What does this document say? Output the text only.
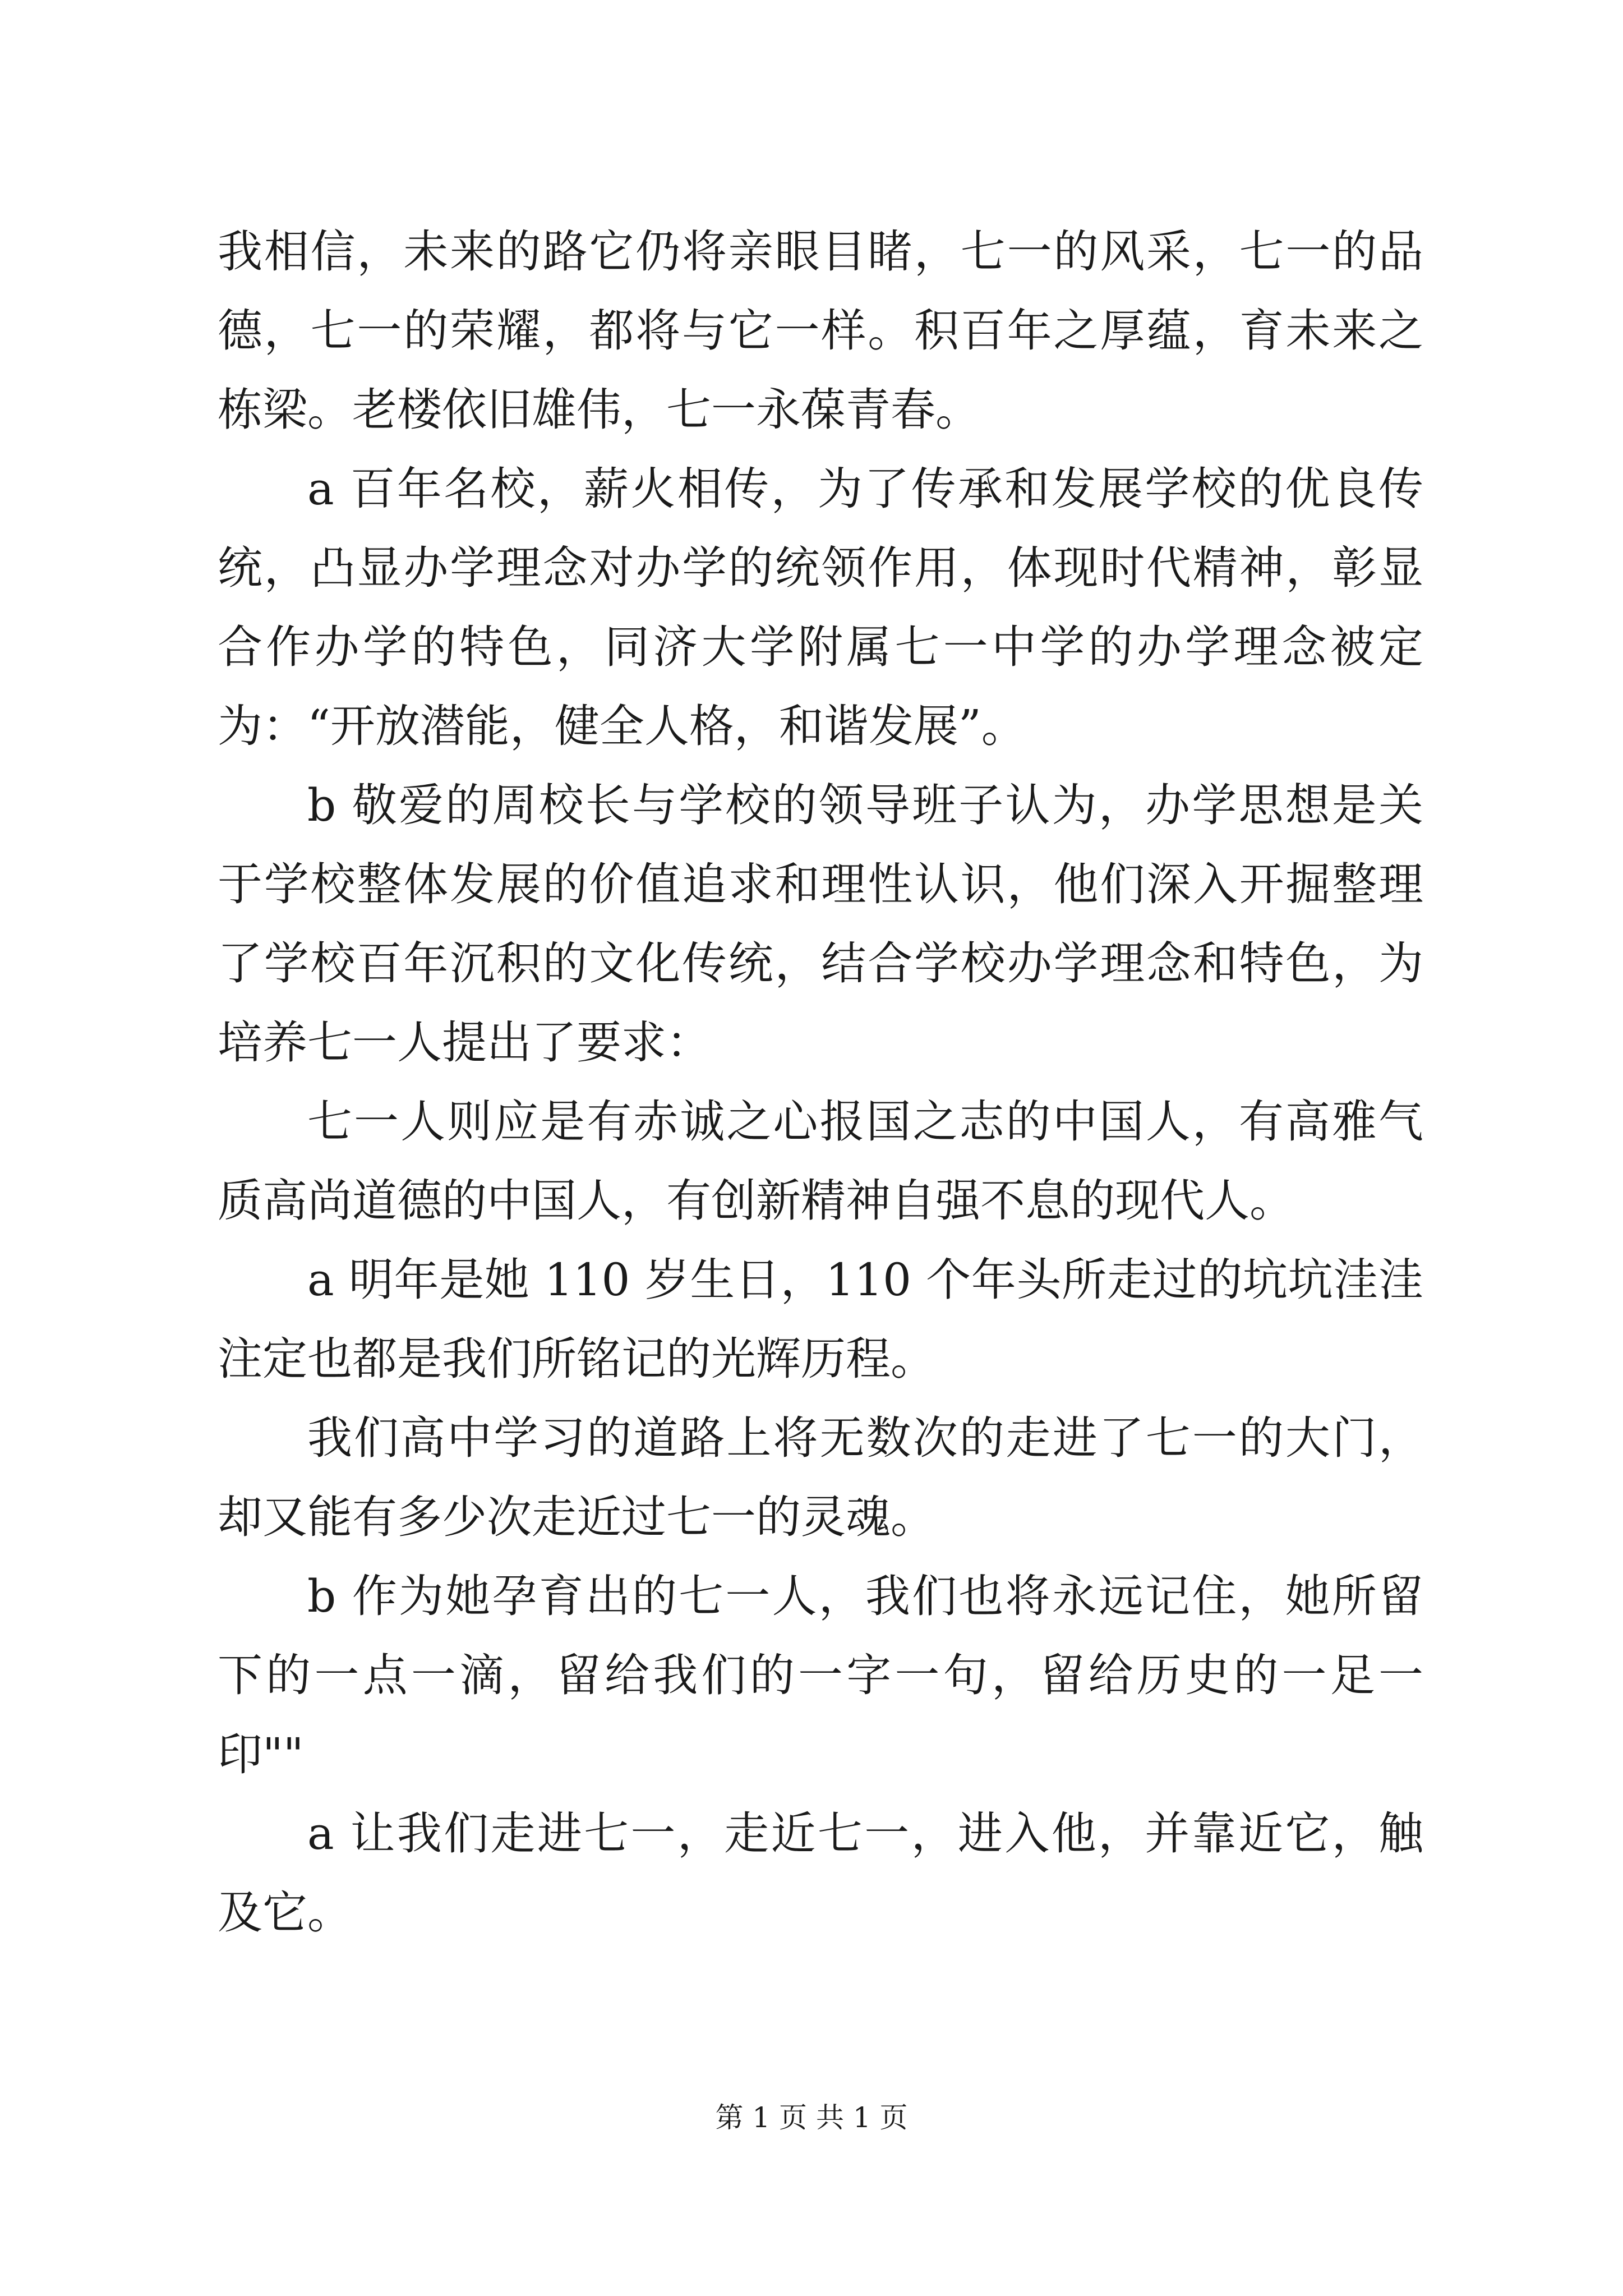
我相信，未来的路它仍将亲眼目睹，七一的风采，七一的品德，七一的荣耀，都将与它一样。积百年之厚蕴，育未来之栋梁。老楼依旧雄伟，七一永葆青春。

a 百年名校，薪火相传，为了传承和发展学校的优良传统，凸显办学理念对办学的统领作用，体现时代精神，彰显合作办学的特色，同济大学附属七一中学的办学理念被定为：“开放潜能，健全人格，和谐发展”。

b 敬爱的周校长与学校的领导班子认为，办学思想是关于学校整体发展的价值追求和理性认识，他们深入开掘整理了学校百年沉积的文化传统，结合学校办学理念和特色，为培养七一人提出了要求：

七一人则应是有赤诚之心报国之志的中国人，有高雅气质高尚道德的中国人，有创新精神自强不息的现代人。

a 明年是她 110 岁生日，110 个年头所走过的坑坑洼洼注定也都是我们所铭记的光辉历程。

我们高中学习的道路上将无数次的走进了七一的大门，却又能有多少次走近过七一的灵魂。

b 作为她孕育出的七一人，我们也将永远记住，她所留下的一点一滴，留给我们的一字一句，留给历史的一足一印""

a 让我们走进七一，走近七一，进入他，并靠近它，触及它。

第 1 页 共 1 页
